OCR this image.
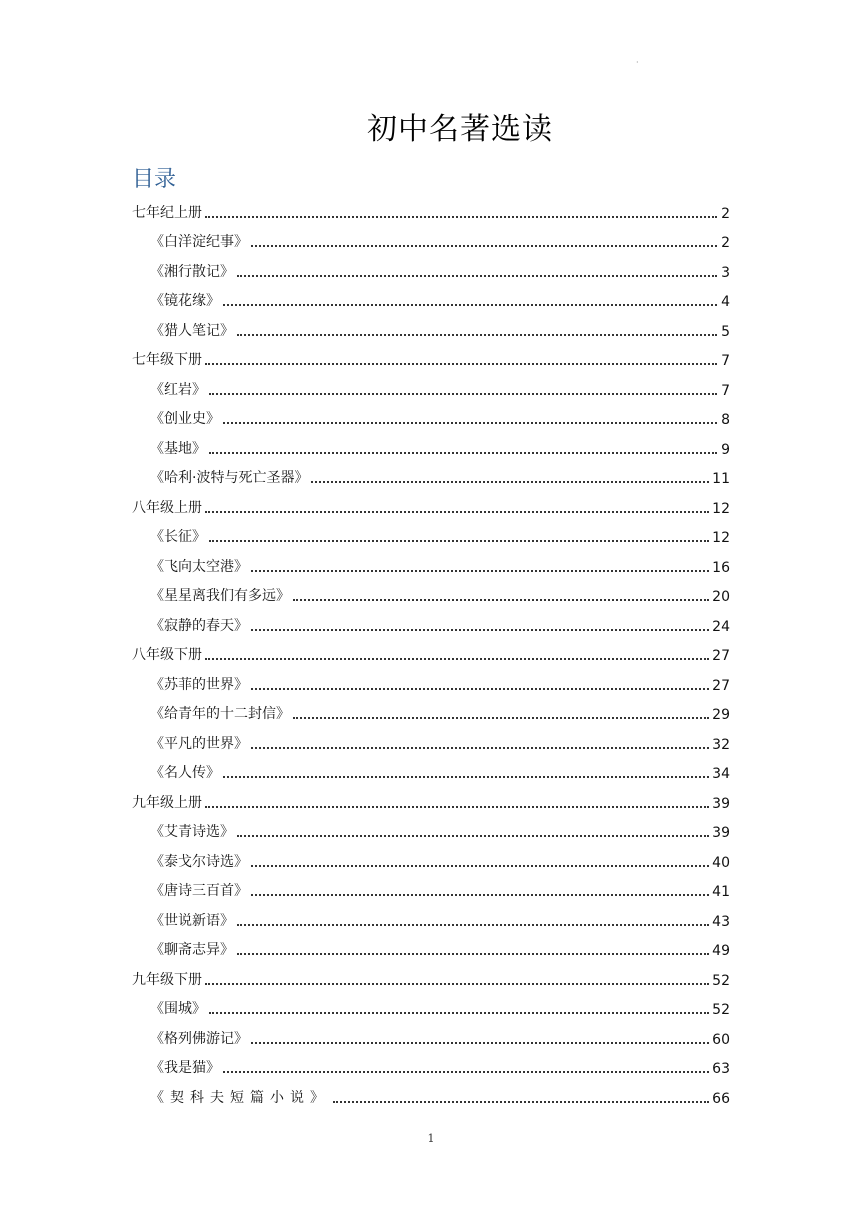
·
初中名著选读
目录
七年纪上册	2
《白洋淀纪事》	2
《湘行散记》	3
《镜花缘》	4
《猎人笔记》	5
七年级下册	7
《红岩》	7
《创业史》	8
《基地》	9
《哈利·波特与死亡圣器》	11
八年级上册	12
《长征》	12
《飞向太空港》	16
《星星离我们有多远》	20
《寂静的春天》	24
八年级下册	27
《苏菲的世界》	27
《给青年的十二封信》	29
《平凡的世界》	32
《名人传》	34
九年级上册	39
《艾青诗选》	39
《泰戈尔诗选》	40
《唐诗三百首》	41
《世说新语》	43
《聊斋志异》	49
九年级下册	52
《围城》	52
《格列佛游记》	60
《我是猫》	63
《契科夫短篇小说》	66
1
